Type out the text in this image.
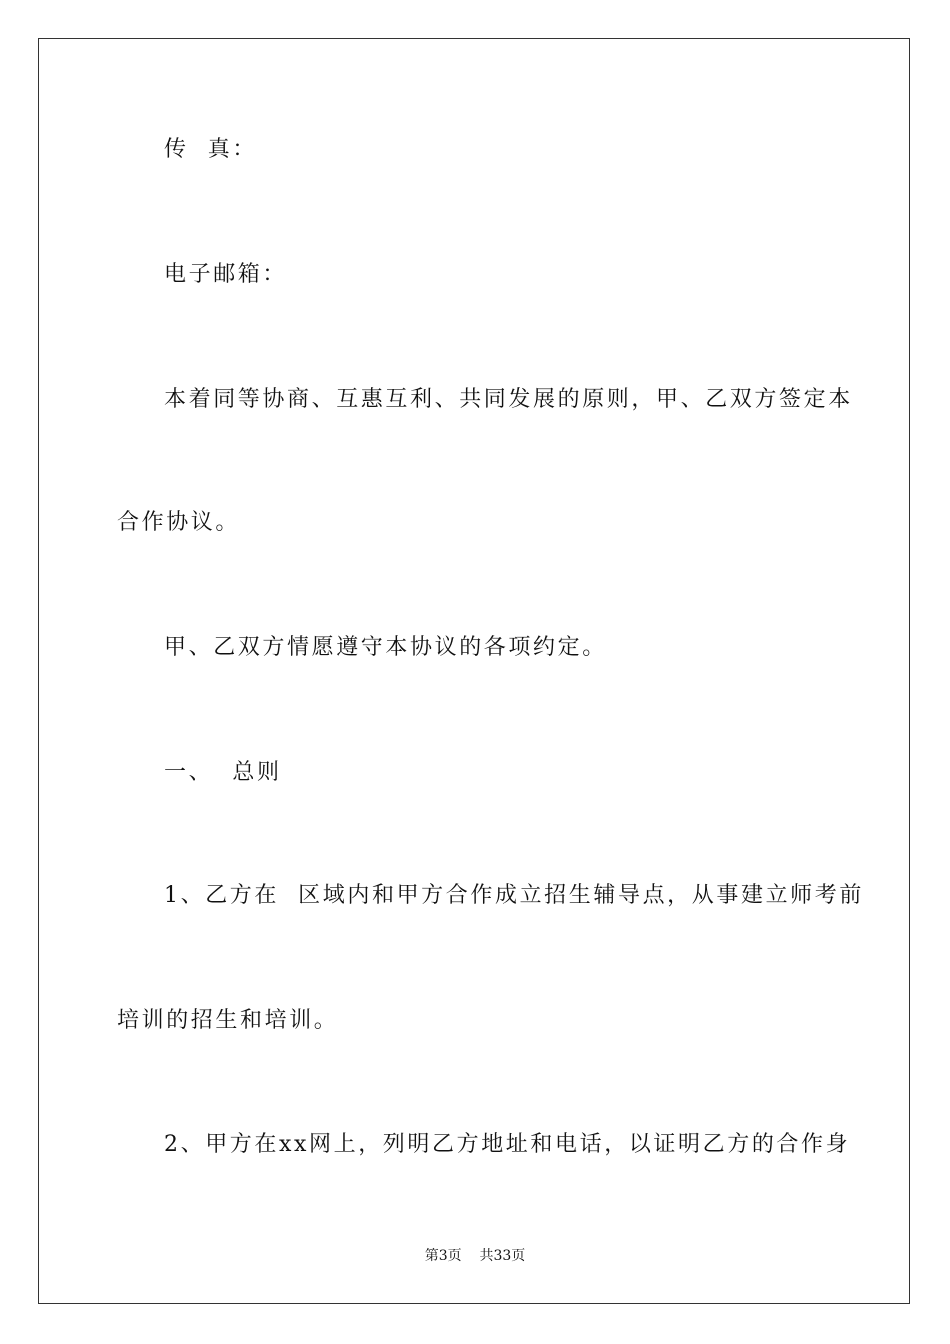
传  真：
电子邮箱：
本着同等协商、互惠互利、共同发展的原则，甲、乙双方签定本
合作协议。
甲、乙双方情愿遵守本协议的各项约定。
一、  总则
1、乙方在  区域内和甲方合作成立招生辅导点，从事建立师考前
培训的招生和培训。
2、甲方在xx网上，列明乙方地址和电话，以证明乙方的合作身
第3页 共33页
